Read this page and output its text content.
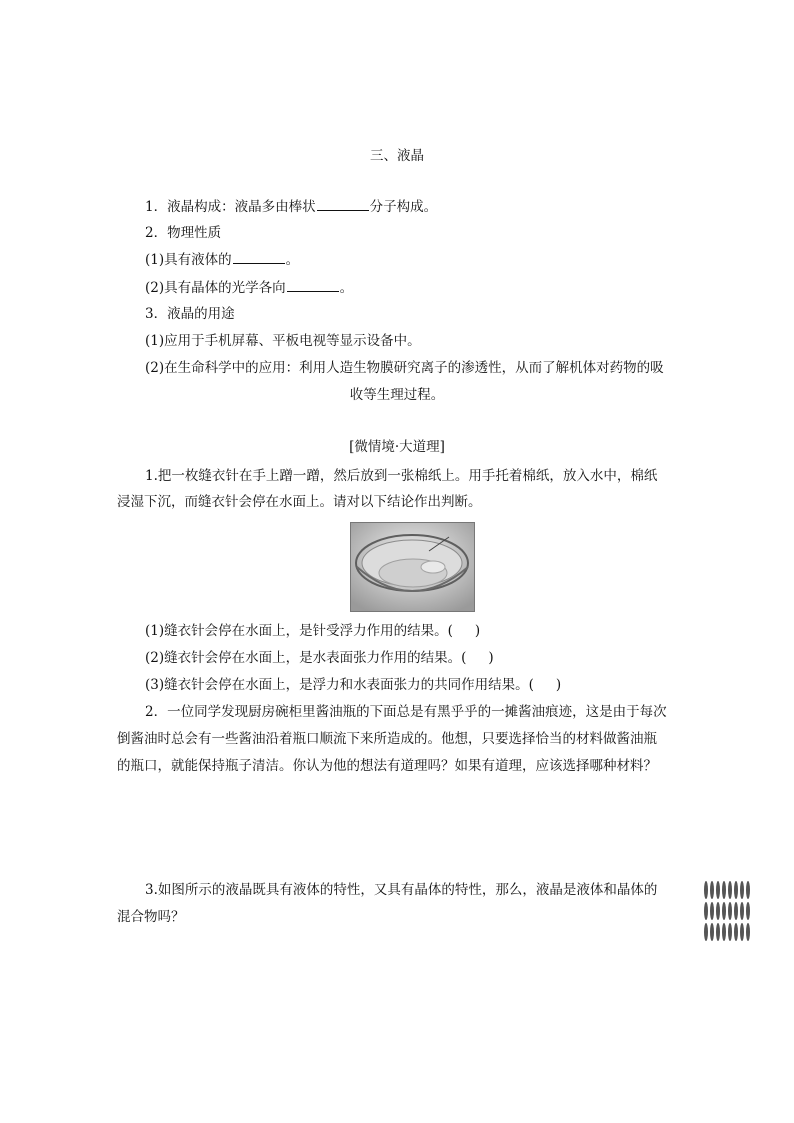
三、液晶
1．液晶构成：液晶多由棒状	分子构成。
2．物理性质
(1)具有液体的	。
(2)具有晶体的光学各向	。
3．液晶的用途
(1)应用于手机屏幕、平板电视等显示设备中。
(2)在生命科学中的应用：利用人造生物膜研究离子的渗透性，从而了解机体对药物的吸
收等生理过程。
[微情境·大道理]
1.把一枚缝衣针在手上蹭一蹭，然后放到一张棉纸上。用手托着棉纸，放入水中，棉纸
浸湿下沉，而缝衣针会停在水面上。请对以下结论作出判断。
(1)缝衣针会停在水面上，是针受浮力作用的结果。( )
(2)缝衣针会停在水面上，是水表面张力作用的结果。( )
(3)缝衣针会停在水面上，是浮力和水表面张力的共同作用结果。( )
2．一位同学发现厨房碗柜里酱油瓶的下面总是有黑乎乎的一摊酱油痕迹，这是由于每次
倒酱油时总会有一些酱油沿着瓶口顺流下来所造成的。他想，只要选择恰当的材料做酱油瓶
的瓶口，就能保持瓶子清洁。你认为他的想法有道理吗？如果有道理，应该选择哪种材料？
3.如图所示的液晶既具有液体的特性，又具有晶体的特性，那么，液晶是液体和晶体的
混合物吗？
